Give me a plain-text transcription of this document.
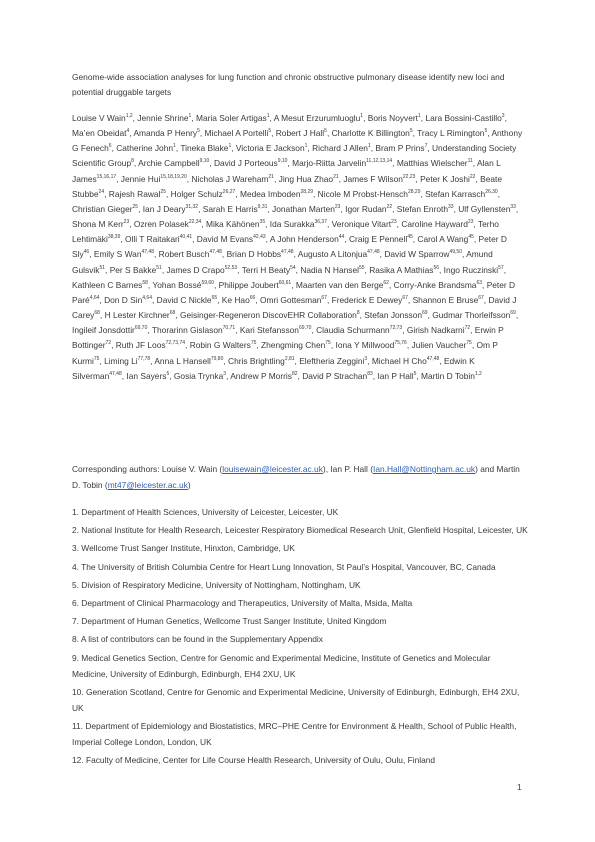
Genome-wide association analyses for lung function and chronic obstructive pulmonary disease identify new loci and potential druggable targets
Louise V Wain$^{1,2}$, Jennie Shrine$^1$, Maria Soler Artigas$^1$, A Mesut Erzurumluoglu$^1$, Boris Noyvert$^1$, Lara Bossini-Castillo$^3$, Ma’en Obeidat$^4$, Amanda P Henry$^5$, Michael A Portelli$^5$, Robert J Hall$^5$, Charlotte K Billington$^5$, Tracy L Rimington$^5$, Anthony G Fenech$^6$, Catherine John$^1$, Tineka Blake$^1$, Victoria E Jackson$^1$, Richard J Allen$^1$, Bram P Prins$^7$, Understanding Society Scientific Group$^8$, Archie Campbell$^{9,10}$, David J Porteous$^{9,10}$, Marjo-Riitta Jarvelin$^{11,12,13,14}$, Matthias Wielscher$^{11}$, Alan L James$^{15,16,17}$, Jennie Hui$^{15,18,19,20}$, Nicholas J Wareham$^{21}$, Jing Hua Zhao$^{21}$, James F Wilson$^{22,23}$, Peter K Joshi$^{22}$, Beate Stubbe$^{24}$, Rajesh Rawal$^{25}$, Holger Schulz$^{26,27}$, Medea Imboden$^{28,29}$, Nicole M Probst-Hensch$^{28,29}$, Stefan Karrasch$^{26,30}$, Christian Gieger$^{25}$, Ian J Deary$^{31,32}$, Sarah E Harris$^{9,31}$, Jonathan Marten$^{23}$, Igor Rudan$^{22}$, Stefan Enroth$^{33}$, Ulf Gyllensten$^{33}$, Shona M Kerr$^{23}$, Ozren Polasek$^{22,34}$, Mika Kähönen$^{35}$, Ida Surakka$^{36,37}$, Veronique Vitart$^{23}$, Caroline Hayward$^{23}$, Terho Lehtimäki$^{38,39}$, Olli T Raitakari$^{40,41}$, David M Evans$^{42,43}$, A John Henderson$^{44}$, Craig E Pennell$^{45}$, Carol A Wang$^{45}$, Peter D Sly$^{46}$, Emily S Wan$^{47,48}$, Robert Busch$^{47,48}$, Brian D Hobbs$^{47,48}$, Augusto A Litonjua$^{47,48}$, David W Sparrow$^{49,50}$, Amund Gulsvik$^{51}$, Per S Bakke$^{51}$, James D Crapo$^{52,53}$, Terri H Beaty$^{54}$, Nadia N Hansel$^{55}$, Rasika A Mathias$^{56}$, Ingo Ruczinski$^{57}$, Kathleen C Barnes$^{58}$, Yohan Bossé$^{59,60}$, Philippe Joubert$^{60,61}$, Maarten van den Berge$^{62}$, Corry-Anke Brandsma$^{63}$, Peter D Paré$^{4,64}$, Don D Sin$^{4,64}$, David C Nickle$^{65}$, Ke Hao$^{66}$, Omri Gottesman$^{67}$, Frederick E Dewey$^{67}$, Shannon E Bruse$^{67}$, David J Carey$^{68}$, H Lester Kirchner$^{68}$, Geisinger-Regeneron DiscovEHR Collaboration$^8$, Stefan Jonsson$^{69}$, Gudmar Thorleifsson$^{69}$, Ingileif Jonsdottir$^{69,70}$, Thorarinn Gislason$^{70,71}$, Kari Stefansson$^{69,70}$, Claudia Schurmann$^{72,73}$, Girish Nadkarni$^{72}$, Erwin P Bottinger$^{72}$, Ruth JF Loos$^{72,73,74}$, Robin G Walters$^{75}$, Zhengming Chen$^{75}$, Iona Y Millwood$^{75,76}$, Julien Vaucher$^{75}$, Om P Kurmi$^{75}$, Liming Li$^{77,78}$, Anna L Hansell$^{79,80}$, Chris Brightling$^{2,81}$, Eleftheria Zeggini$^3$, Michael H Cho$^{47,48}$, Edwin K Silverman$^{47,48}$, Ian Sayers$^5$, Gosia Trynka$^3$, Andrew P Morris$^{82}$, David P Strachan$^{83}$, Ian P Hall$^5$, Martin D Tobin$^{1,2}$
Corresponding authors: Louise V. Wain (louisewain@leicester.ac.uk), Ian P. Hall (Ian.Hall@Nottingham.ac.uk) and Martin D. Tobin (mt47@leicester.ac.uk)
1. Department of Health Sciences, University of Leicester, Leicester, UK
2. National Institute for Health Research, Leicester Respiratory Biomedical Research Unit, Glenfield Hospital, Leicester, UK
3. Wellcome Trust Sanger Institute, Hinxton, Cambridge, UK
4. The University of British Columbia Centre for Heart Lung Innovation, St Paul’s Hospital, Vancouver, BC, Canada
5. Division of Respiratory Medicine, University of Nottingham, Nottingham, UK
6. Department of Clinical Pharmacology and Therapeutics, University of Malta, Msida, Malta
7. Department of Human Genetics, Wellcome Trust Sanger Institute, United Kingdom
8. A list of contributors can be found in the Supplementary Appendix
9. Medical Genetics Section, Centre for Genomic and Experimental Medicine, Institute of Genetics and Molecular Medicine, University of Edinburgh, Edinburgh, EH4 2XU, UK
10. Generation Scotland, Centre for Genomic and Experimental Medicine, University of Edinburgh, Edinburgh, EH4 2XU, UK
11. Department of Epidemiology and Biostatistics, MRC–PHE Centre for Environment & Health, School of Public Health, Imperial College London, London, UK
12. Faculty of Medicine, Center for Life Course Health Research, University of Oulu, Oulu, Finland
1
